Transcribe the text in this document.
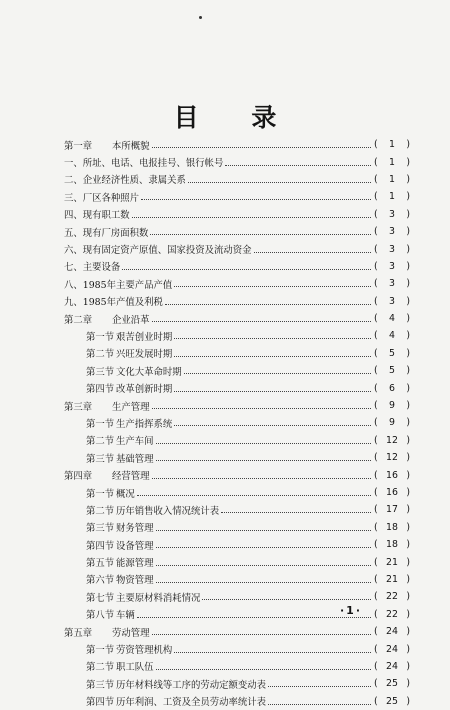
目 录
第一章 本所概貌	(	1	)
一、所址、电话、电报挂号、银行帐号	(	1	)
二、企业经济性质、隶属关系	(	1	)
三、厂区各种照片	(	1	)
四、现有职工数	(	3	)
五、现有厂房面积数	(	3	)
六、现有固定资产原值、国家投资及流动资金	(	3	)
七、主要设备	(	3	)
八、1985年主要产品产值	(	3	)
九、1985年产值及利税	(	3	)
第二章 企业沿革	(	4	)
第一节 艰苦创业时期	(	4	)
第二节 兴旺发展时期	(	5	)
第三节 文化大革命时期	(	5	)
第四节 改革创新时期	(	6	)
第三章 生产管理	(	9	)
第一节 生产指挥系统	(	9	)
第二节 生产车间	( 12 )
第三节 基础管理	( 12 )
第四章 经营管理	( 16 )
第一节 概况	( 16 )
第二节 历年销售收入情况统计表	( 17 )
第三节 财务管理	( 18 )
第四节 设备管理	( 18 )
第五节 能源管理	( 21 )
第六节 物资管理	( 21 )
第七节 主要原材料消耗情况	( 22 )
第八节 车辆	( 22 )
第五章 劳动管理	( 24 )
第一节 劳资管理机构	( 24 )
第二节 职工队伍	( 24 )
第三节 历年材料线等工序的劳动定额变动表	( 25 )
第四节 历年利润、工资及全员劳动率统计表	( 25 )
·1·
